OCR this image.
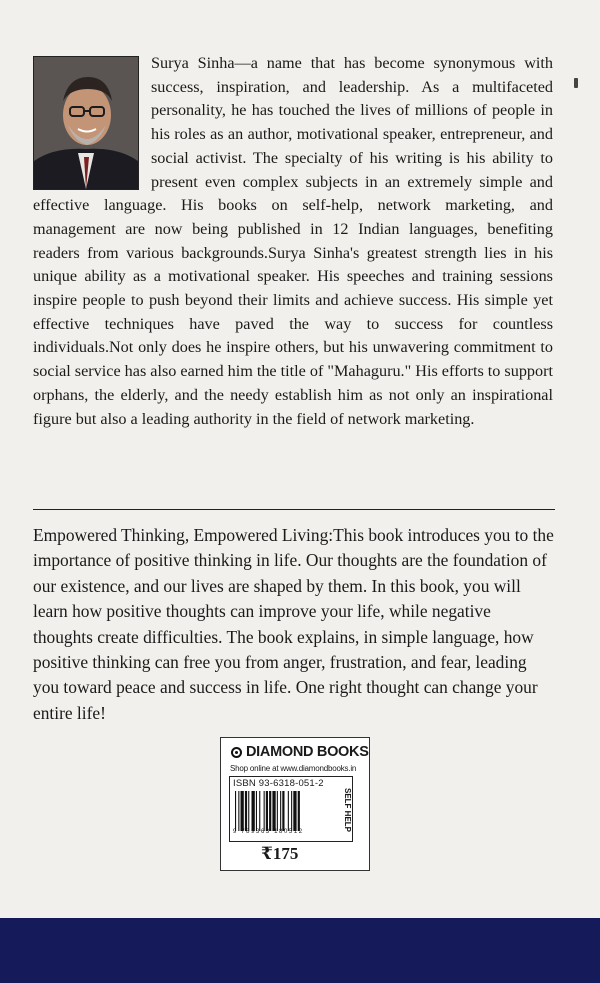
Surya Sinha—a name that has become synonymous with success, inspiration, and leadership. As a multifaceted personality, he has touched the lives of millions of people in his roles as an author, motivational speaker, entrepreneur, and social activist. The specialty of his writing is his ability to present even complex subjects in an extremely simple and effective language. His books on self-help, network marketing, and management are now being published in 12 Indian languages, benefiting readers from various backgrounds.Surya Sinha's greatest strength lies in his unique ability as a motivational speaker. His speeches and training sessions inspire people to push beyond their limits and achieve success. His simple yet effective techniques have paved the way to success for countless individuals.Not only does he inspire others, but his unwavering commitment to social service has also earned him the title of "Mahaguru." His efforts to support orphans, the elderly, and the needy establish him as not only an inspirational figure but also a leading authority in the field of network marketing.
Empowered Thinking, Empowered Living:This book introduces you to the importance of positive thinking in life. Our thoughts are the foundation of our existence, and our lives are shaped by them. In this book, you will learn how positive thoughts can improve your life, while negative thoughts create difficulties. The book explains, in simple language, how positive thinking can free you from anger, frustration, and fear, leading you toward peace and success in life. One right thought can change your entire life!
DIAMOND BOOKS
Shop online at www.diamondbooks.in
ISBN 93-6318-051-2
9 789363 180512	SELF HELP
₹175
